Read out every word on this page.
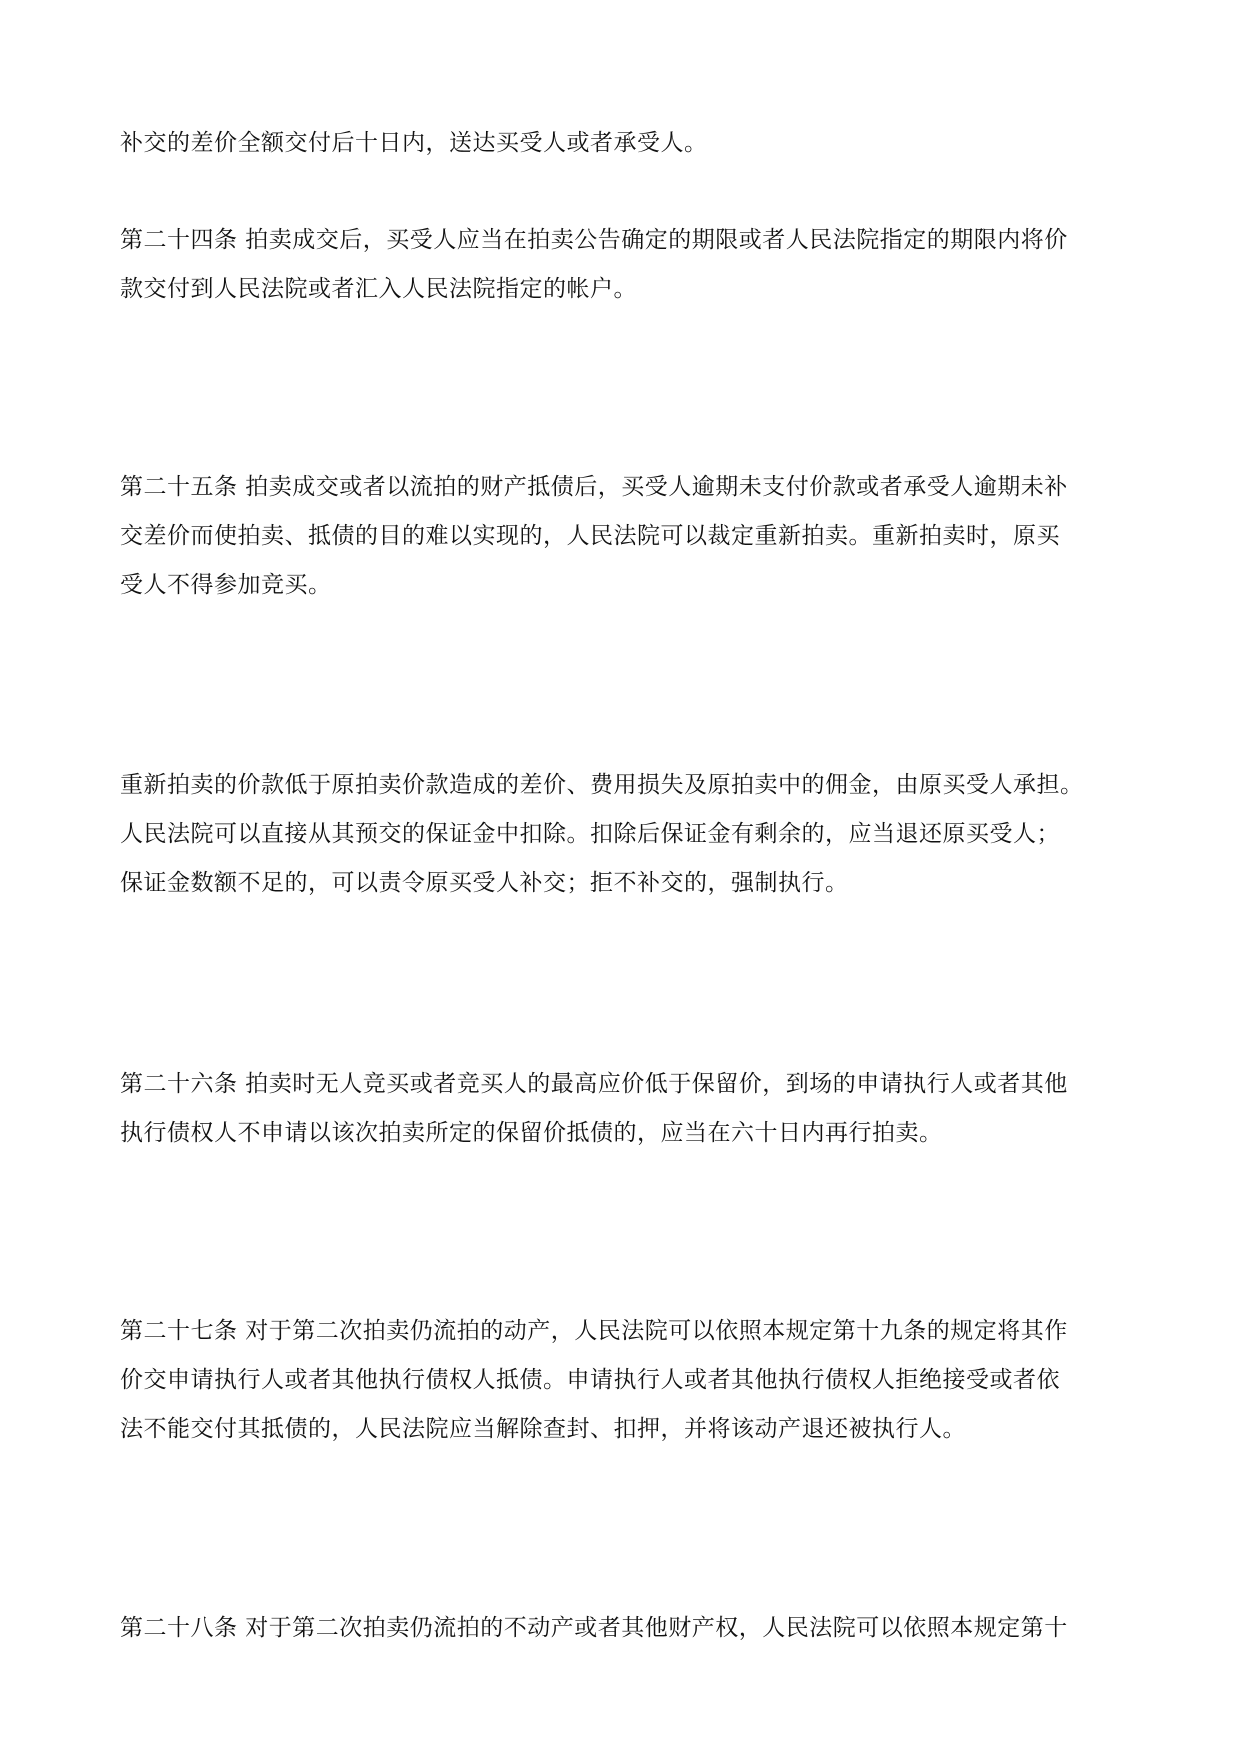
补交的差价全额交付后十日内，送达买受人或者承受人。
第二十四条 拍卖成交后，买受人应当在拍卖公告确定的期限或者人民法院指定的期限内将价
款交付到人民法院或者汇入人民法院指定的帐户。
第二十五条 拍卖成交或者以流拍的财产抵债后，买受人逾期未支付价款或者承受人逾期未补
交差价而使拍卖、抵债的目的难以实现的，人民法院可以裁定重新拍卖。重新拍卖时，原买
受人不得参加竞买。
重新拍卖的价款低于原拍卖价款造成的差价、费用损失及原拍卖中的佣金，由原买受人承担。
人民法院可以直接从其预交的保证金中扣除。扣除后保证金有剩余的，应当退还原买受人；
保证金数额不足的，可以责令原买受人补交；拒不补交的，强制执行。
第二十六条 拍卖时无人竞买或者竞买人的最高应价低于保留价，到场的申请执行人或者其他
执行债权人不申请以该次拍卖所定的保留价抵债的，应当在六十日内再行拍卖。
第二十七条 对于第二次拍卖仍流拍的动产，人民法院可以依照本规定第十九条的规定将其作
价交申请执行人或者其他执行债权人抵债。申请执行人或者其他执行债权人拒绝接受或者依
法不能交付其抵债的，人民法院应当解除查封、扣押，并将该动产退还被执行人。
第二十八条 对于第二次拍卖仍流拍的不动产或者其他财产权，人民法院可以依照本规定第十
